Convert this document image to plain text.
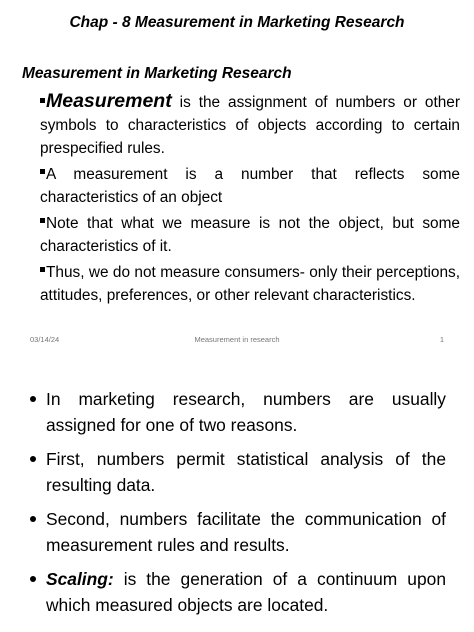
Chap - 8 Measurement in Marketing Research
Measurement in Marketing Research
Measurement is the assignment of numbers or other symbols to characteristics of objects according to certain prespecified rules.
A measurement is a number that reflects some characteristics of an object
Note that what we measure is not the object, but some characteristics of it.
Thus, we do not measure consumers- only their perceptions, attitudes, preferences, or other relevant characteristics.
03/14/24	Measurement in research	1
In marketing research, numbers are usually assigned for one of two reasons.
First, numbers permit statistical analysis of the resulting data.
Second, numbers facilitate the communication of measurement rules and results.
Scaling: is the generation of a continuum upon which measured objects are located.
